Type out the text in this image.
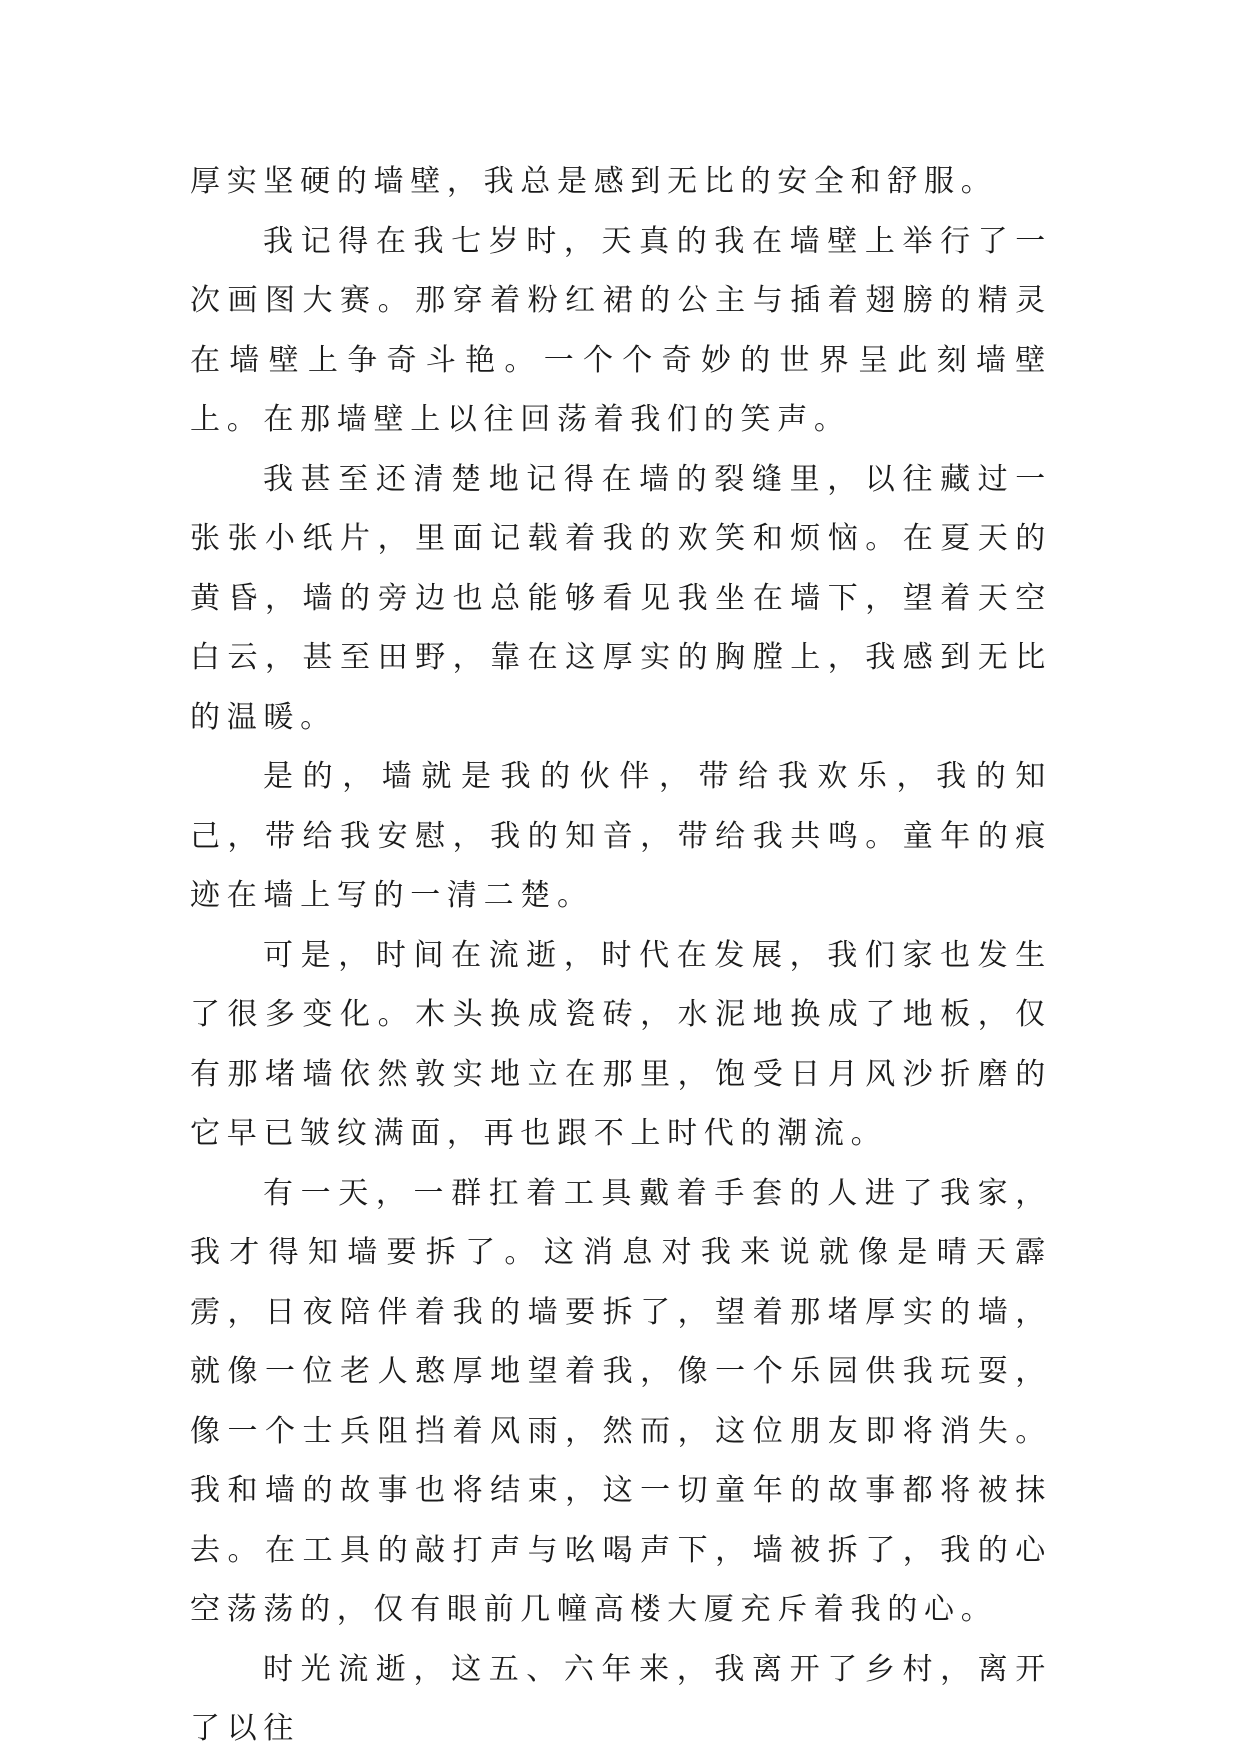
厚实坚硬的墙壁，我总是感到无比的安全和舒服。

我记得在我七岁时，天真的我在墙壁上举行了一次画图大赛。那穿着粉红裙的公主与插着翅膀的精灵在墙壁上争奇斗艳。一个个奇妙的世界呈此刻墙壁上。在那墙壁上以往回荡着我们的笑声。

我甚至还清楚地记得在墙的裂缝里，以往藏过一张张小纸片，里面记载着我的欢笑和烦恼。在夏天的黄昏，墙的旁边也总能够看见我坐在墙下，望着天空白云，甚至田野，靠在这厚实的胸膛上，我感到无比的温暖。

是的，墙就是我的伙伴，带给我欢乐，我的知己，带给我安慰，我的知音，带给我共鸣。童年的痕迹在墙上写的一清二楚。

可是，时间在流逝，时代在发展，我们家也发生了很多变化。木头换成瓷砖，水泥地换成了地板，仅有那堵墙依然敦实地立在那里，饱受日月风沙折磨的它早已皱纹满面，再也跟不上时代的潮流。

有一天，一群扛着工具戴着手套的人进了我家，我才得知墙要拆了。这消息对我来说就像是晴天霹雳，日夜陪伴着我的墙要拆了，望着那堵厚实的墙，就像一位老人憨厚地望着我，像一个乐园供我玩耍，像一个士兵阻挡着风雨，然而，这位朋友即将消失。我和墙的故事也将结束，这一切童年的故事都将被抹去。在工具的敲打声与吆喝声下，墙被拆了，我的心空荡荡的，仅有眼前几幢高楼大厦充斥着我的心。

时光流逝，这五、六年来，我离开了乡村，离开了以往
